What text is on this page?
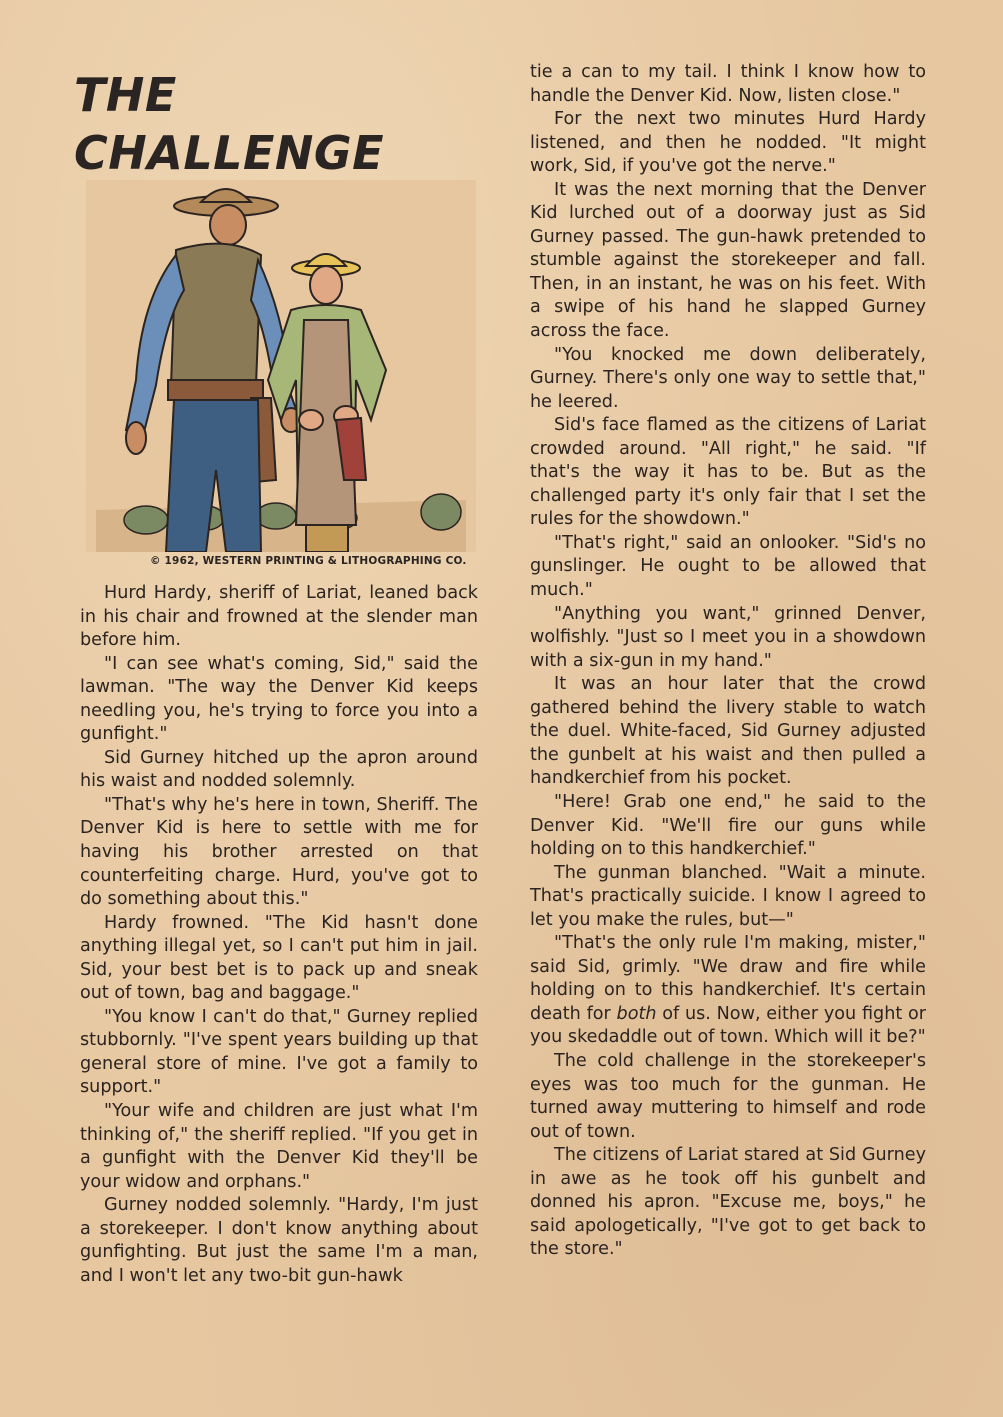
THE
CHALLENGE
© 1962, WESTERN PRINTING & LITHOGRAPHING CO.

Hurd Hardy, sheriff of Lariat, leaned back in his chair and frowned at the slender man before him.

"I can see what's coming, Sid," said the lawman. "The way the Denver Kid keeps needling you, he's trying to force you into a gunfight."

Sid Gurney hitched up the apron around his waist and nodded solemnly.

"That's why he's here in town, Sheriff. The Denver Kid is here to settle with me for having his brother arrested on that counterfeiting charge. Hurd, you've got to do something about this."

Hardy frowned. "The Kid hasn't done anything illegal yet, so I can't put him in jail. Sid, your best bet is to pack up and sneak out of town, bag and baggage."

"You know I can't do that," Gurney replied stubbornly. "I've spent years building up that general store of mine. I've got a family to support."

"Your wife and children are just what I'm thinking of," the sheriff replied. "If you get in a gunfight with the Denver Kid they'll be your widow and orphans."

Gurney nodded solemnly. "Hardy, I'm just a storekeeper. I don't know anything about gunfighting. But just the same I'm a man, and I won't let any two-bit gun-hawk

tie a can to my tail. I think I know how to handle the Denver Kid. Now, listen close."

For the next two minutes Hurd Hardy listened, and then he nodded. "It might work, Sid, if you've got the nerve."

It was the next morning that the Denver Kid lurched out of a doorway just as Sid Gurney passed. The gun-hawk pretended to stumble against the storekeeper and fall. Then, in an instant, he was on his feet. With a swipe of his hand he slapped Gurney across the face.

"You knocked me down deliberately, Gurney. There's only one way to settle that," he leered.

Sid's face flamed as the citizens of Lariat crowded around. "All right," he said. "If that's the way it has to be. But as the challenged party it's only fair that I set the rules for the showdown."

"That's right," said an onlooker. "Sid's no gunslinger. He ought to be allowed that much."

"Anything you want," grinned Denver, wolfishly. "Just so I meet you in a showdown with a six-gun in my hand."

It was an hour later that the crowd gathered behind the livery stable to watch the duel. White-faced, Sid Gurney adjusted the gunbelt at his waist and then pulled a handkerchief from his pocket.

"Here! Grab one end," he said to the Denver Kid. "We'll fire our guns while holding on to this handkerchief."

The gunman blanched. "Wait a minute. That's practically suicide. I know I agreed to let you make the rules, but—"

"That's the only rule I'm making, mister," said Sid, grimly. "We draw and fire while holding on to this handkerchief. It's certain death for both of us. Now, either you fight or you skedaddle out of town. Which will it be?"

The cold challenge in the storekeeper's eyes was too much for the gunman. He turned away muttering to himself and rode out of town.

The citizens of Lariat stared at Sid Gurney in awe as he took off his gunbelt and donned his apron. "Excuse me, boys," he said apologetically, "I've got to get back to the store."
